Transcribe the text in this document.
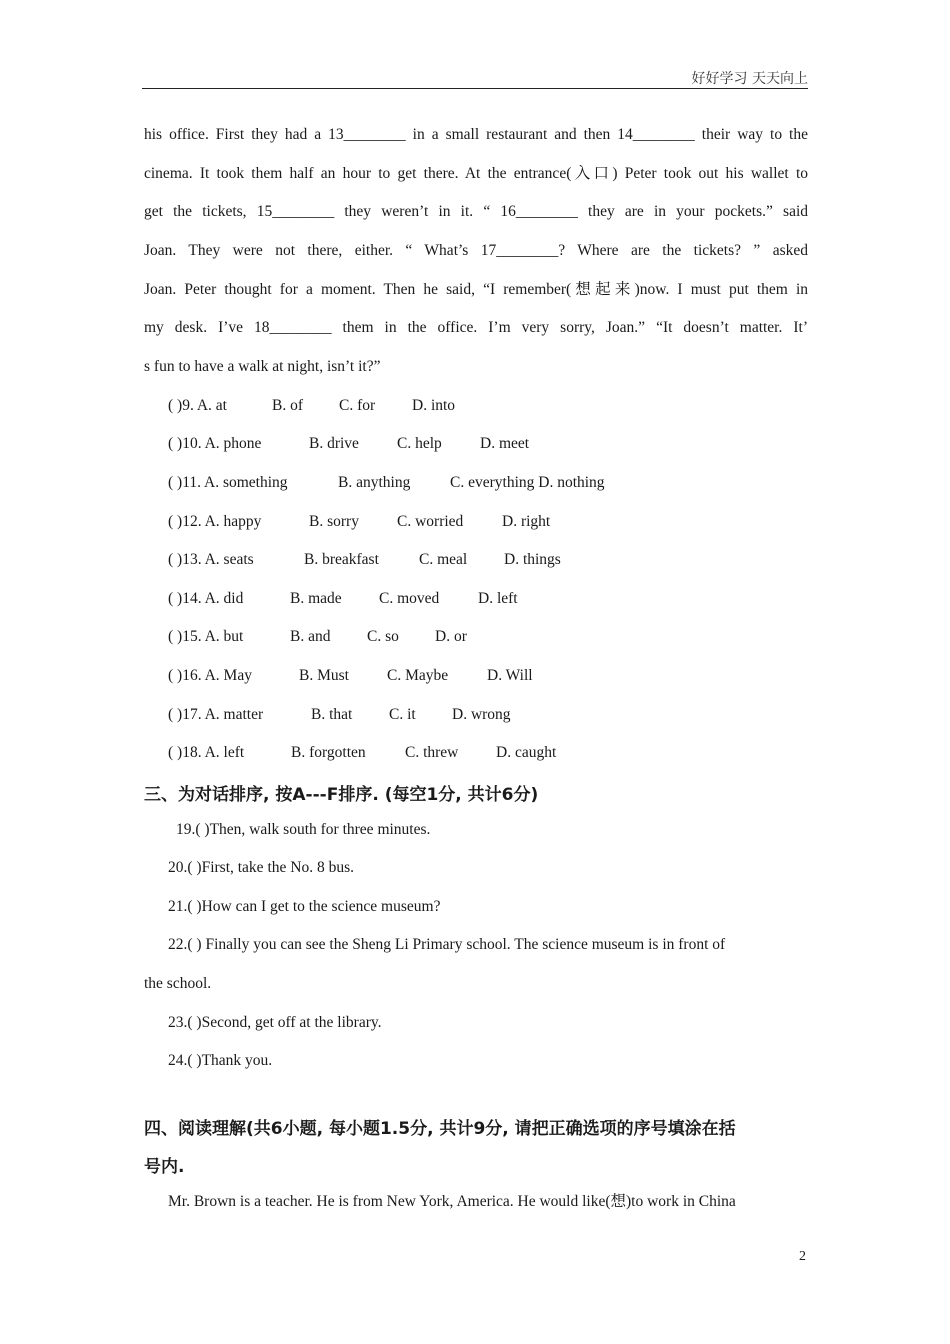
好好学习 天天向上
his office. First they had a 13________ in a small restaurant and then 14________ their way to the
cinema. It took them half an hour to get there. At the entrance(入口) Peter took out his wallet to
get the tickets, 15________ they weren’t in it. “ 16________ they are in your pockets.” said
Joan. They were not there, either. “ What’s 17________? Where are the tickets? ” asked
Joan. Peter thought for a moment. Then he said, “I remember(想起来)now. I must put them in
my desk. I’ve 18________ them in the office. I’m very sorry, Joan.” “It doesn’t matter. It’
s fun to have a walk at night, isn’t it?”
( )9. A. at	B. of C. for D. into
( )10. A. phone	B. drive C. help D. meet
( )11. A. something	B. anything	C. everything D. nothing
( )12. A. happy	B. sorry C. worried D. right
( )13. A. seats	B. breakfast	C. meal D. things
( )14. A. did	B. made C. moved D. left
( )15. A. but	B. and C. so D. or
( )16. A. May	B. Must C. Maybe	D. Will
( )17. A. matter	B. that C. it D. wrong
( )18. A. left	B. forgotten	C. threw D. caught
三、为对话排序, 按A---F排序. (每空1分, 共计6分)
19.( )Then, walk south for three minutes.
20.( )First, take the No. 8 bus.
21.( )How can I get to the science museum?
22.( ) Finally you can see the Sheng Li Primary school. The science museum is in front of
the school.
23.( )Second, get off at the library.
24.( )Thank you.
四、阅读理解(共6小题, 每小题1.5分, 共计9分, 请把正确选项的序号填涂在括
号内.
Mr. Brown is a teacher. He is from New York, America. He would like(想)to work in China
2
